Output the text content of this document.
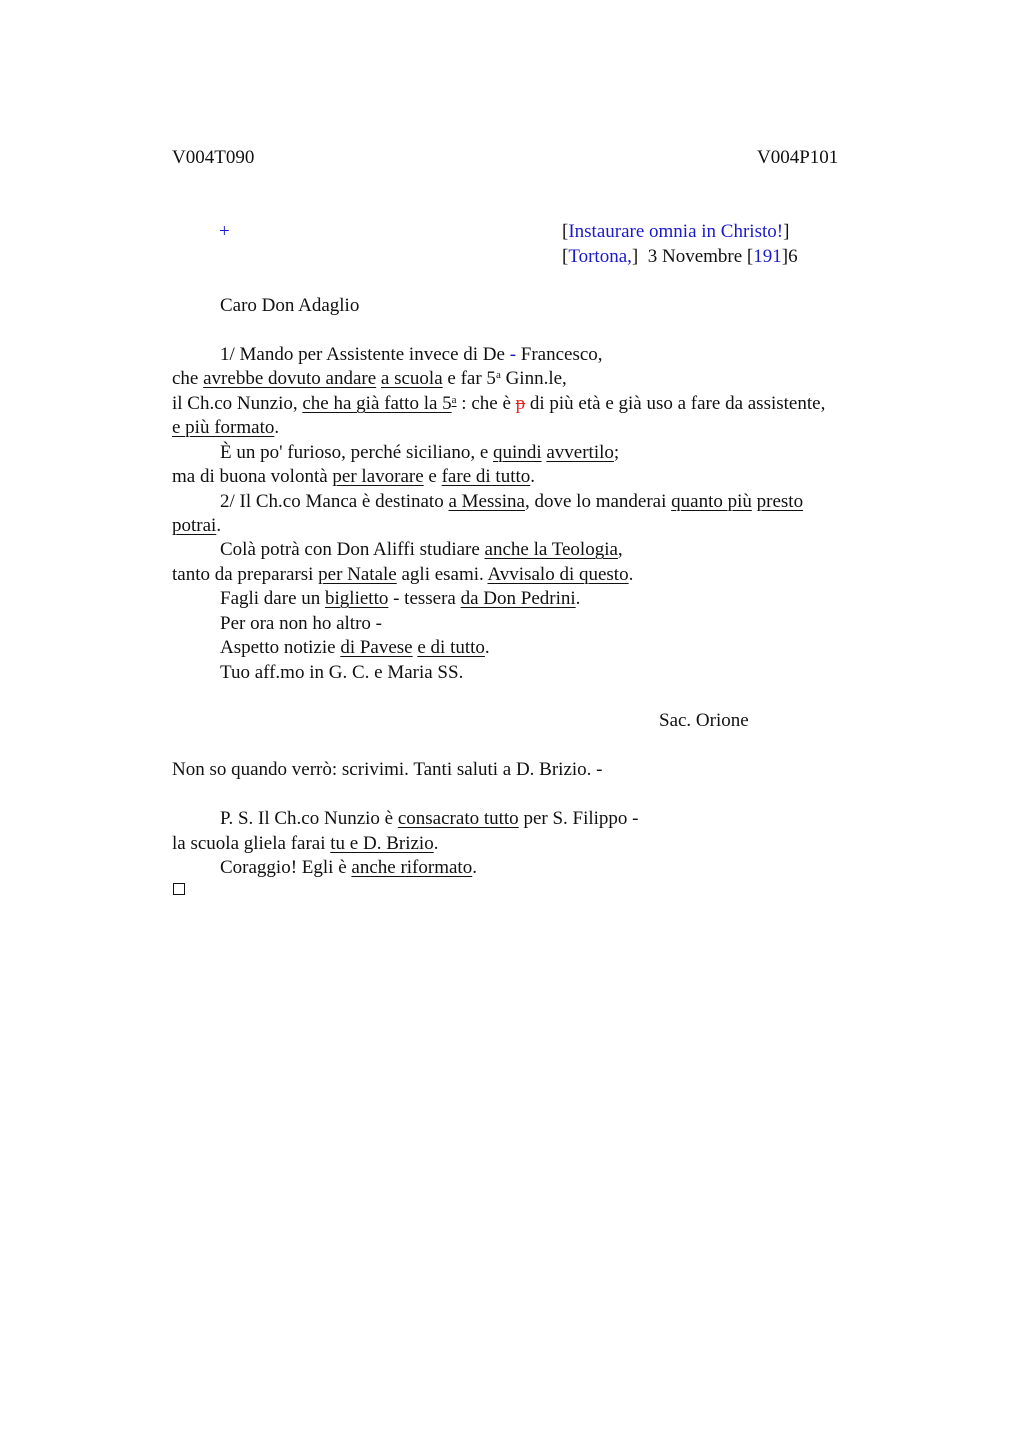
V004T090	V004P101
+	[Instaurare omnia in Christo!]
[Tortona,] 3 Novembre [191]6
Caro Don Adaglio
1/ Mando per Assistente invece di De - Francesco,
che avrebbe dovuto andare a scuola e far 5$^a$ Ginn.le,
il Ch.co Nunzio, che ha già fatto la 5$^a$ : che è p di più età e già uso a fare da assistente,
e più formato.
È un po' furioso, perché siciliano, e quindi avvertilo;
ma di buona volontà per lavorare e fare di tutto.
2/ Il Ch.co Manca è destinato a Messina, dove lo manderai quanto più presto
potrai.
Colà potrà con Don Aliffi studiare anche la Teologia,
tanto da prepararsi per Natale agli esami. Avvisalo di questo.
Fagli dare un biglietto - tessera da Don Pedrini.
Per ora non ho altro -
Aspetto notizie di Pavese e di tutto.
Tuo aff.mo in G. C. e Maria SS.
Sac. Orione
Non so quando verrò: scrivimi. Tanti saluti a D. Brizio. -
P. S. Il Ch.co Nunzio è consacrato tutto per S. Filippo -
la scuola gliela farai tu e D. Brizio.
Coraggio! Egli è anche riformato.
